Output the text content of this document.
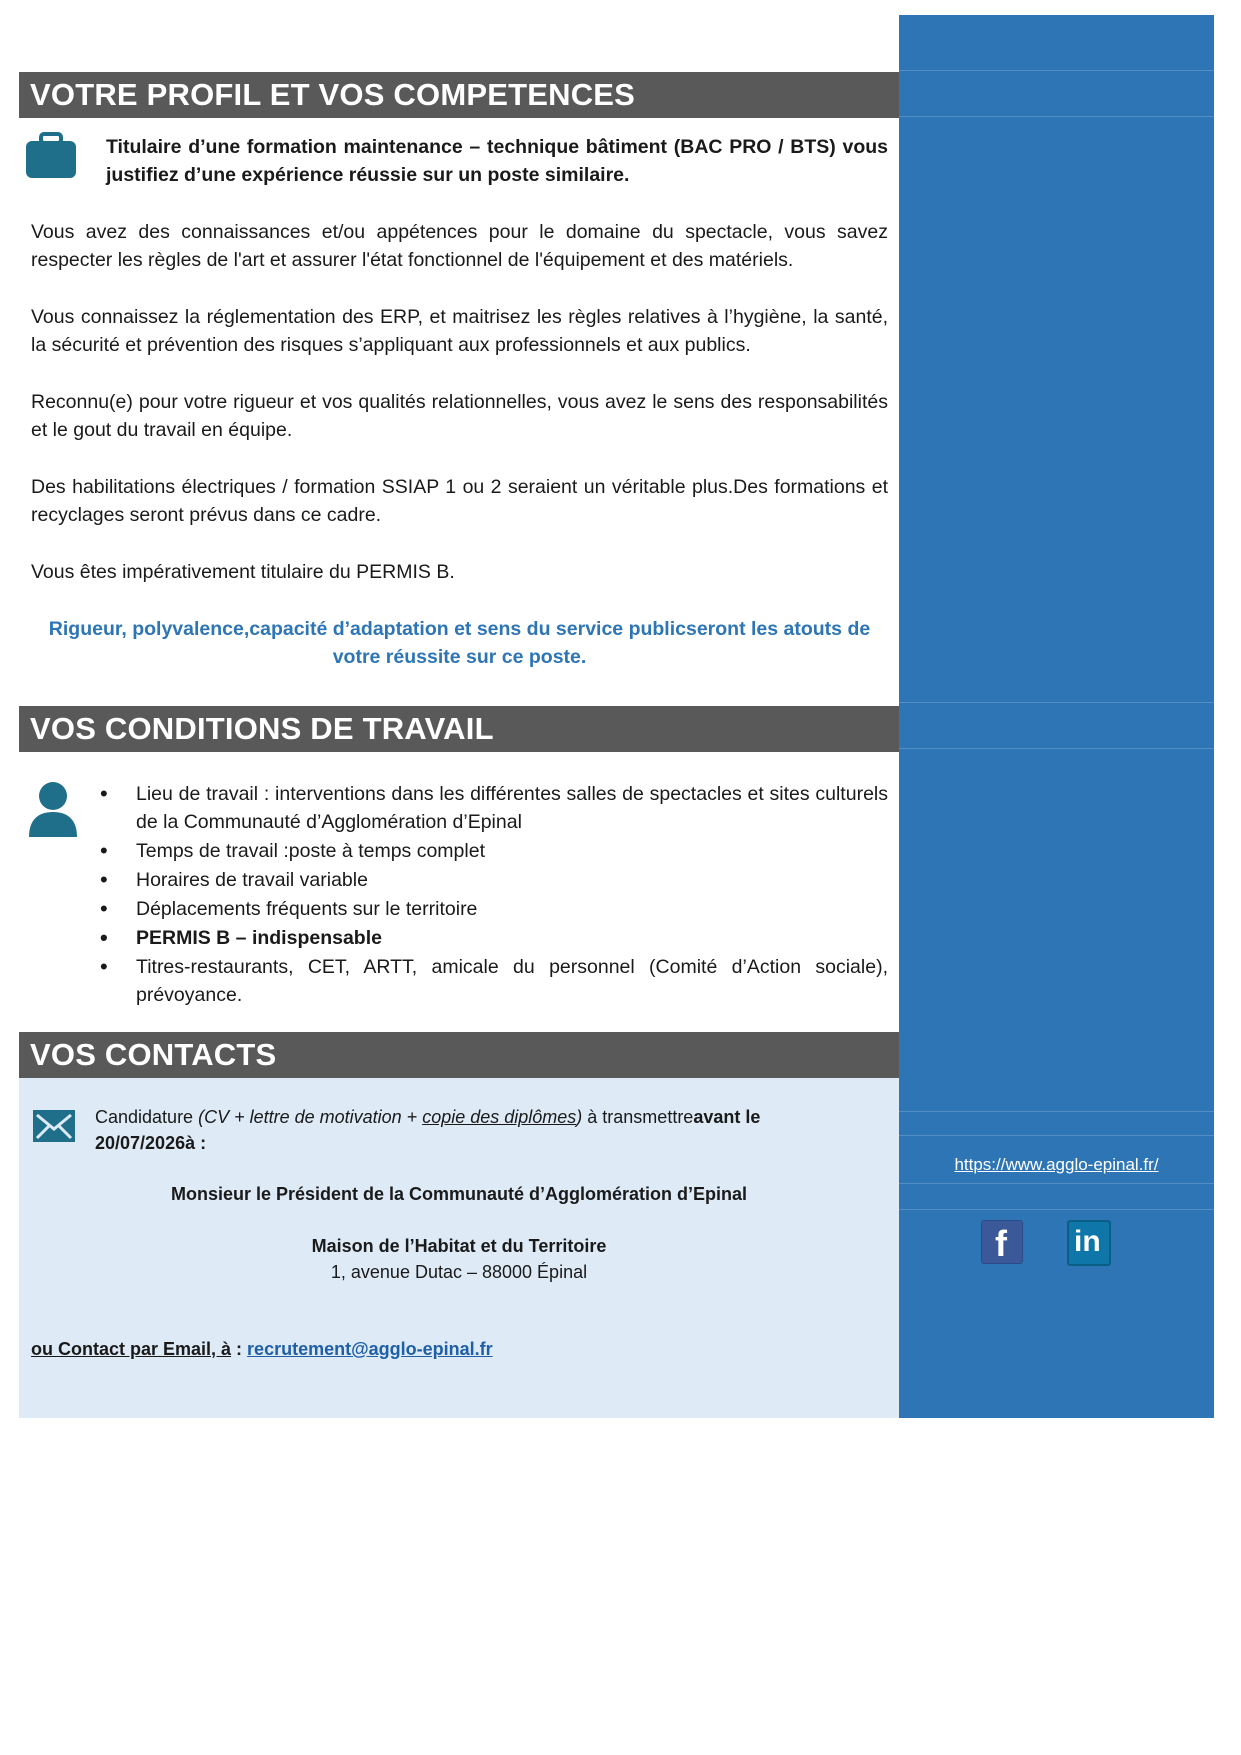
https://www.agglo-epinal.fr/
f in
VOTRE PROFIL ET VOS COMPETENCES
Titulaire d’une formation maintenance – technique bâtiment (BAC PRO / BTS) vous justifiez d’une expérience réussie sur un poste similaire.
Vous avez des connaissances et/ou appétences pour le domaine du spectacle, vous savez respecter les règles de l'art et assurer l'état fonctionnel de l'équipement et des matériels.
Vous connaissez la réglementation des ERP, et maitrisez les règles relatives à l’hygiène, la santé, la sécurité et prévention des risques s’appliquant aux professionnels et aux publics.
Reconnu(e) pour votre rigueur et vos qualités relationnelles, vous avez le sens des responsabilités et le gout du travail en équipe.
Des habilitations électriques / formation SSIAP 1 ou 2 seraient un véritable plus.Des formations et recyclages seront prévus dans ce cadre.
Vous êtes impérativement titulaire du PERMIS B.
Rigueur, polyvalence,capacité d’adaptation et sens du service publicseront les atouts de votre réussite sur ce poste.
VOS CONDITIONS DE TRAVAIL
• Lieu de travail : interventions dans les différentes salles de spectacles et sites culturels de la Communauté d’Agglomération d’Epinal
• Temps de travail :poste à temps complet
• Horaires de travail variable
• Déplacements fréquents sur le territoire
• PERMIS B – indispensable
• Titres-restaurants, CET, ARTT, amicale du personnel (Comité d’Action sociale), prévoyance.
VOS CONTACTS
Candidature (CV + lettre de motivation + copie des diplômes) à transmettreavant le 20/07/2026à :
Monsieur le Président de la Communauté d’Agglomération d’Epinal
Maison de l’Habitat et du Territoire
1, avenue Dutac – 88000 Épinal
ou Contact par Email, à : recrutement@agglo-epinal.fr
